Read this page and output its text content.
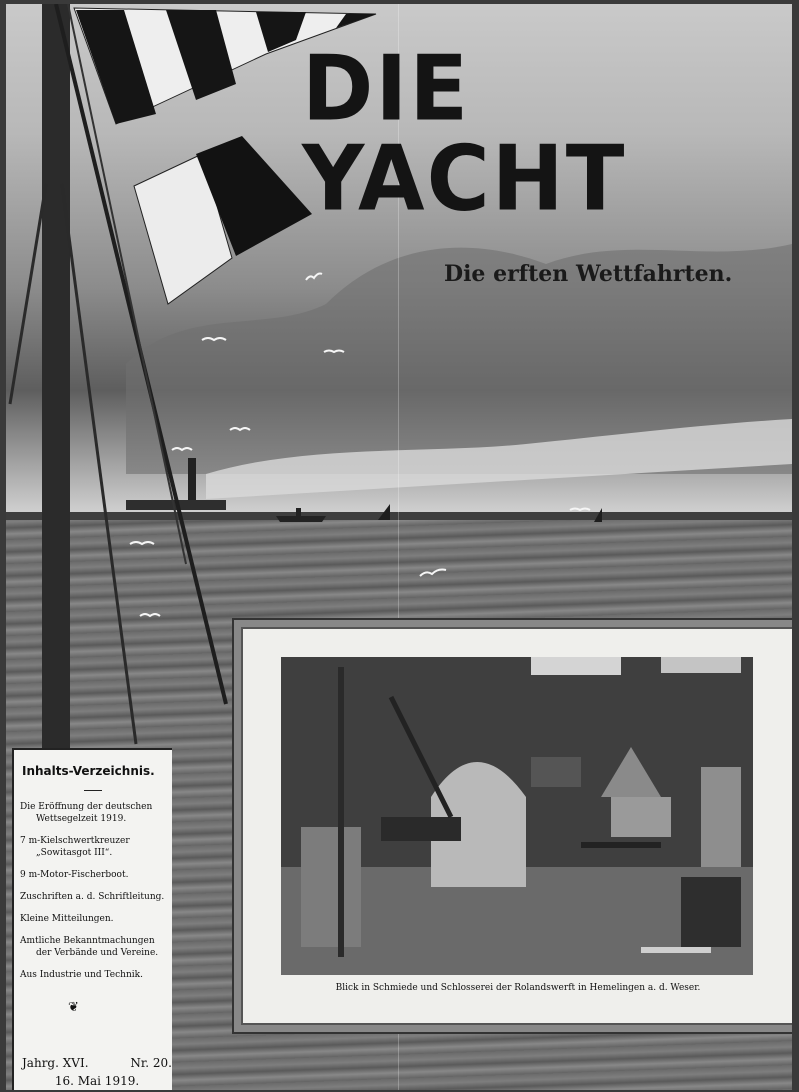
DIE YACHT
Die erften Wettfahrten.
Inhalts-Verzeichnis.
Die Eröffnung der deutschen
Wettsegelzeit 1919.
7 m-Kielschwertkreuzer
„Sowitasgot III“.
9 m-Motor-Fischerboot.
Zuschriften a. d. Schriftleitung.
Kleine Mitteilungen.
Amtliche Bekanntmachungen
der Verbände und Vereine.
Aus Industrie und Technik.
❦
Jahrg. XVI.	Nr. 20.
16. Mai 1919.
Blick in Schmiede und Schlosserei der Rolandswerft in Hemelingen a. d. Weser.
